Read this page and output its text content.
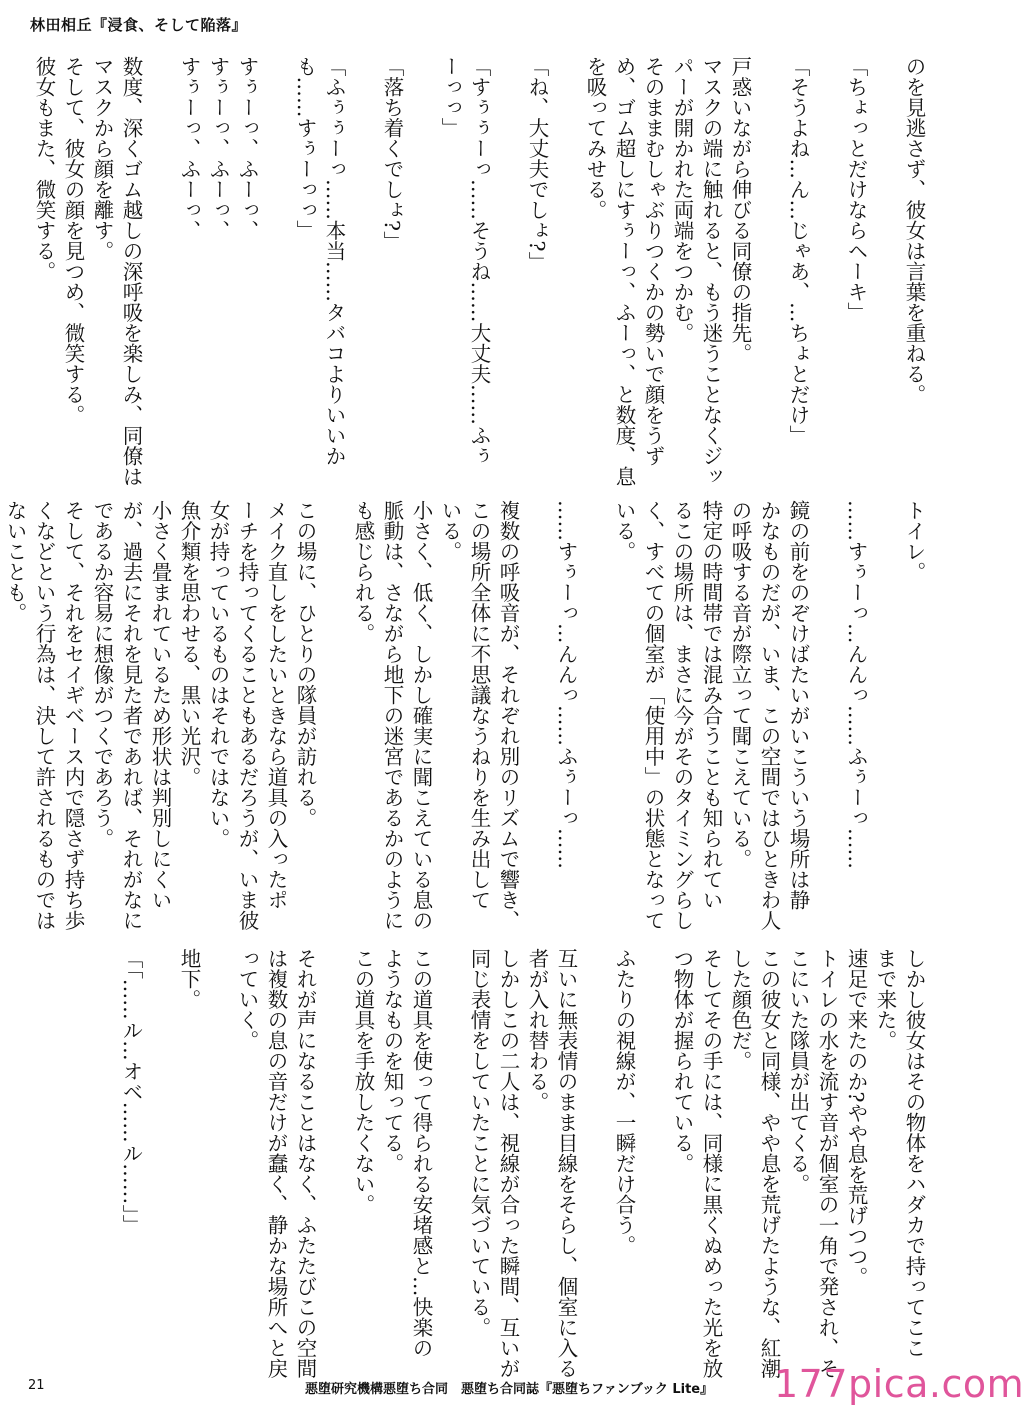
林田相丘『浸食、そして陥落』
のを見逃さず、彼女は言葉を重ねる。
「ちょっとだけならヘーキ」
「そうよね…ん…じゃあ、…ちょとだけ」
戸惑いながら伸びる同僚の指先。
マスクの端に触れると、もう迷うことなくジッ
パーが開かれた両端をつかむ。
そのままむしゃぶりつくかの勢いで顔をうず
め、ゴム超しにすぅーっ、ふーっ、と数度、息
を吸ってみせる。
「ね、大丈夫でしょ?」
「すぅぅーっ……そうね……大丈夫……ふぅ
ーっっ」
「落ち着くでしょ?」
「ふぅぅーっ……本当……タバコよりいいか
も……すぅーっっ」
すぅーっ、ふーっ、
すぅーっ、ふーっ、
すぅーっ、ふーっ、
数度、深くゴム越しの深呼吸を楽しみ、同僚は
マスクから顔を離す。
そして、彼女の顔を見つめ、微笑する。
彼女もまた、微笑する。
トイレ。
……すぅーっ…んんっ……ふぅーっ……
鏡の前をのぞけばたいがいこういう場所は静
かなものだが、いま、この空間ではひときわ人
の呼吸する音が際立って聞こえている。
特定の時間帯では混み合うことも知られてい
るこの場所は、まさに今がそのタイミングらし
く、すべての個室が「使用中」の状態となって
いる。
……すぅーっ…んんっ……ふぅーっ……
複数の呼吸音が、それぞれ別のリズムで響き、
この場所全体に不思議なうねりを生み出して
いる。
小さく、低く、しかし確実に聞こえている息の
脈動は、さながら地下の迷宮であるかのように
も感じられる。
この場に、ひとりの隊員が訪れる。
メイク直しをしたいときなら道具の入ったポ
ーチを持ってくることもあるだろうが、いま彼
女が持っているものはそれではない。
魚介類を思わせる、黒い光沢。
小さく畳まれているため形状は判別しにくい
が、過去にそれを見た者であれば、それがなに
であるか容易に想像がつくであろう。
そして、それをセイギベース内で隠さず持ち歩
くなどという行為は、決して許されるものでは
ないことも。
しかし彼女はその物体をハダカで持ってここ
まで来た。
速足で来たのか?やや息を荒げつつ。
トイレの水を流す音が個室の一角で発され、そ
こにいた隊員が出てくる。
この彼女と同様、やや息を荒げたような、紅潮
した顔色だ。
そしてその手には、同様に黒くぬめった光を放
つ物体が握られている。
ふたりの視線が、一瞬だけ合う。
互いに無表情のまま目線をそらし、個室に入る
者が入れ替わる。
しかしこの二人は、視線が合った瞬間、互いが
同じ表情をしていたことに気づいている。
この道具を使って得られる安堵感と…快楽の
ようなものを知ってる。
この道具を手放したくない。
それが声になることはなく、ふたたびこの空間
は複数の息の音だけが蠢く、静かな場所へと戻
っていく。
地下。
「「……ル…オベ……ル……」」
21	悪堕研究機構悪堕ち合同　悪堕ち合同誌『悪堕ちファンブック Lite』 177pica.com
